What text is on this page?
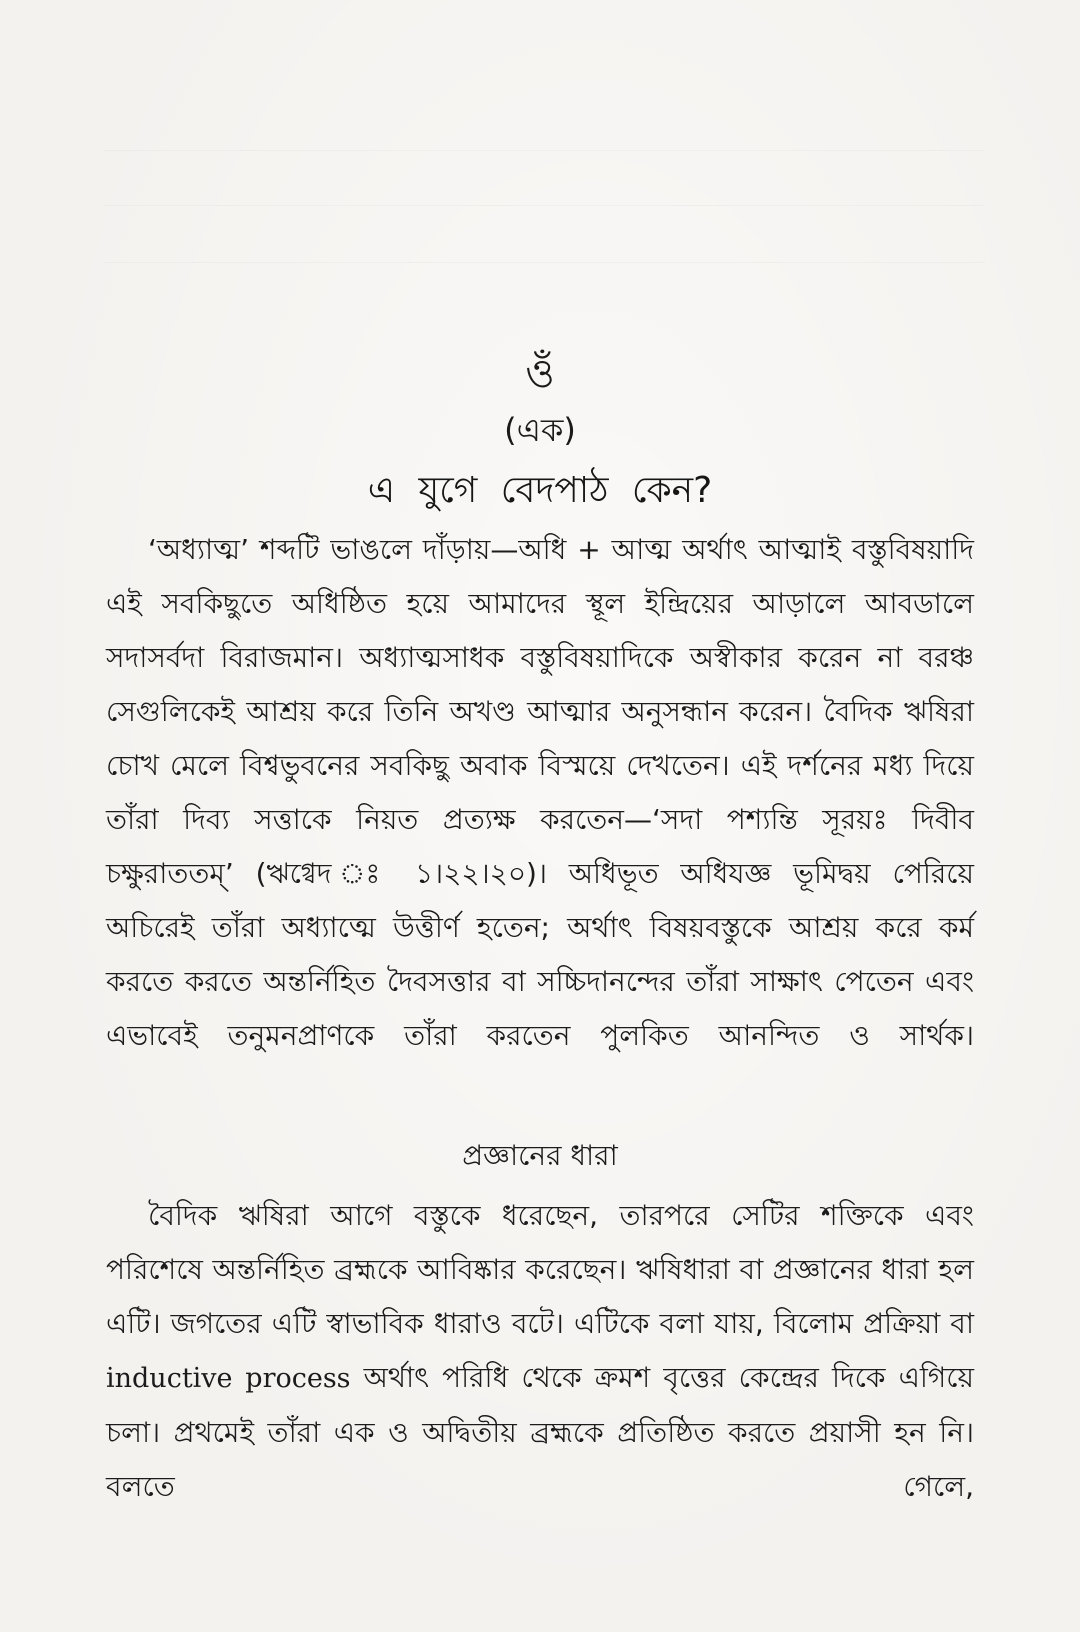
ওঁ
(এক)
এ যুগে বেদপাঠ কেন?

‘অধ্যাত্ম’ শব্দটি ভাঙলে দাঁড়ায়—অধি + আত্ম অর্থাৎ আত্মাই বস্তুবিষয়াদি এই সবকিছুতে অধিষ্ঠিত হয়ে আমাদের স্থূল ইন্দ্রিয়ের আড়ালে আবডালে সদাসর্বদা বিরাজমান। অধ্যাত্মসাধক বস্তুবিষয়াদিকে অস্বীকার করেন না বরঞ্চ সেগুলিকেই আশ্রয় করে তিনি অখণ্ড আত্মার অনুসন্ধান করেন। বৈদিক ঋষিরা চোখ মেলে বিশ্বভুবনের সবকিছু অবাক বিস্ময়ে দেখতেন। এই দর্শনের মধ্য দিয়ে তাঁরা দিব্য সত্তাকে নিয়ত প্রত্যক্ষ করতেন—‘সদা পশ্যন্তি সূরয়ঃ দিবীব চক্ষুরাততম্’ (ঋগ্বেদ ঃ ১।২২।২০)। অধিভূত অধিযজ্ঞ ভূমিদ্বয় পেরিয়ে অচিরেই তাঁরা অধ্যাত্মে উত্তীর্ণ হতেন; অর্থাৎ বিষয়বস্তুকে আশ্রয় করে কর্ম করতে করতে অন্তর্নিহিত দৈবসত্তার বা সচ্চিদানন্দের তাঁরা সাক্ষাৎ পেতেন এবং এভাবেই তনুমনপ্রাণকে তাঁরা করতেন পুলকিত আনন্দিত ও সার্থক।

প্রজ্ঞানের ধারা

বৈদিক ঋষিরা আগে বস্তুকে ধরেছেন, তারপরে সেটির শক্তিকে এবং পরিশেষে অন্তর্নিহিত ব্রহ্মকে আবিষ্কার করেছেন। ঋষিধারা বা প্রজ্ঞানের ধারা হল এটি। জগতের এটি স্বাভাবিক ধারাও বটে। এটিকে বলা যায়, বিলোম প্রক্রিয়া বা inductive process অর্থাৎ পরিধি থেকে ক্রমশ বৃত্তের কেন্দ্রের দিকে এগিয়ে চলা। প্রথমেই তাঁরা এক ও অদ্বিতীয় ব্রহ্মকে প্রতিষ্ঠিত করতে প্রয়াসী হন নি। বলতে গেলে,
